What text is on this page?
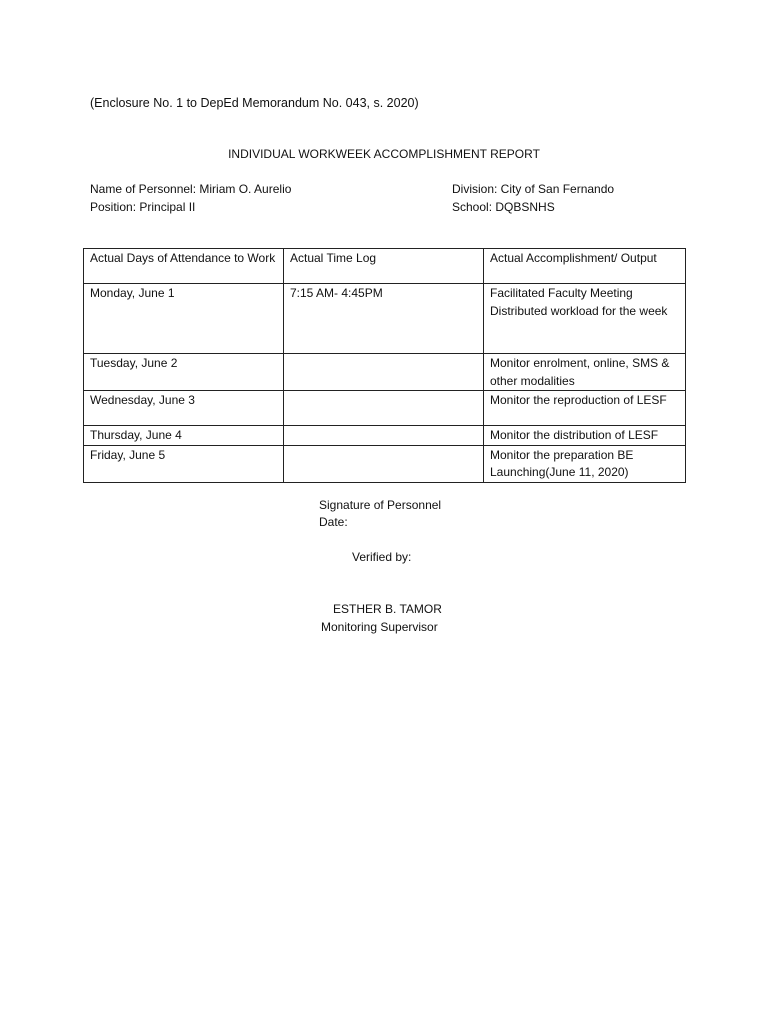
(Enclosure No. 1 to DepEd Memorandum No. 043, s. 2020)
INDIVIDUAL WORKWEEK ACCOMPLISHMENT REPORT
Name of Personnel: Miriam O. Aurelio
Position: Principal II
Division: City of San Fernando
School: DQBSNHS
Actual Days of Attendance to Work	Actual Time Log	Actual Accomplishment/ Output
Monday, June 1	7:15 AM- 4:45PM	Facilitated Faculty Meeting Distributed workload for the week
Tuesday, June 2		Monitor enrolment, online, SMS & other modalities
Wednesday, June 3		Monitor the reproduction of LESF
Thursday, June 4		Monitor the distribution of LESF
Friday, June 5		Monitor the preparation BE Launching(June 11, 2020)
Signature of Personnel
Date:
Verified by:
ESTHER B. TAMOR
Monitoring Supervisor
